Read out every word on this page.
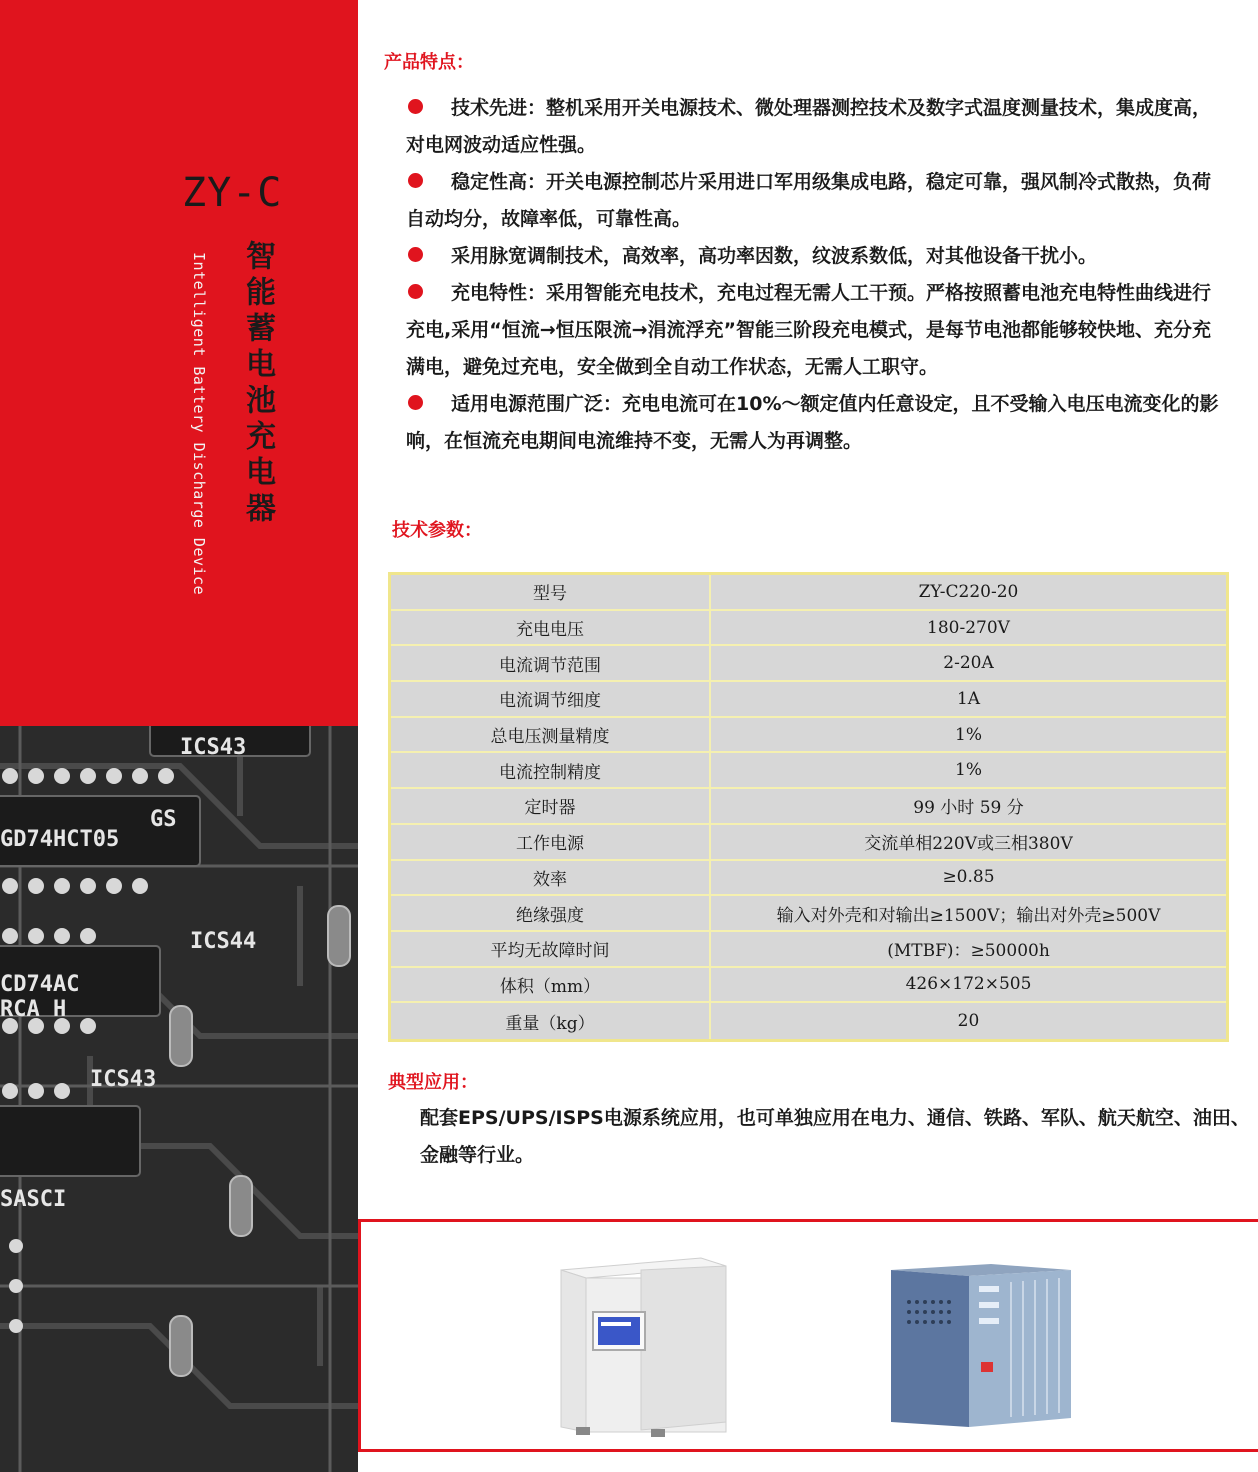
ZY-C
Intelligent Battery Discharge Device 智能蓄电池充电器
ICS43
ICS44
ICS43
GD74HCT05
CD74AC
RCA H
GS
SASCI
产品特点：
技术先进：整机采用开关电源技术、微处理器测控技术及数字式温度测量技术，集成度高，对电网波动适应性强。
稳定性高：开关电源控制芯片采用进口军用级集成电路，稳定可靠，强风制冷式散热，负荷自动均分，故障率低，可靠性高。
采用脉宽调制技术，高效率，高功率因数，纹波系数低，对其他设备干扰小。
充电特性：采用智能充电技术，充电过程无需人工干预。严格按照蓄电池充电特性曲线进行充电,采用“恒流→恒压限流→涓流浮充”智能三阶段充电模式，是每节电池都能够较快地、充分充满电，避免过充电，安全做到全自动工作状态，无需人工职守。
适用电源范围广泛：充电电流可在10%～额定值内任意设定，且不受输入电压电流变化的影响，在恒流充电期间电流维持不变，无需人为再调整。
技术参数：
型号	ZY-C220-20
充电电压	180-270V
电流调节范围	2-20A
电流调节细度	1A
总电压测量精度	1%
电流控制精度	1%
定时器	99 小时 59 分
工作电源	交流单相220V或三相380V
效率	≥0.85
绝缘强度	输入对外壳和对输出≥1500V；输出对外壳≥500V
平均无故障时间	(MTBF)：≥50000h
体积（mm）	426×172×505
重量（kg）	20
典型应用：
配套EPS/UPS/ISPS电源系统应用，也可单独应用在电力、通信、铁路、军队、航天航空、油田、金融等行业。
